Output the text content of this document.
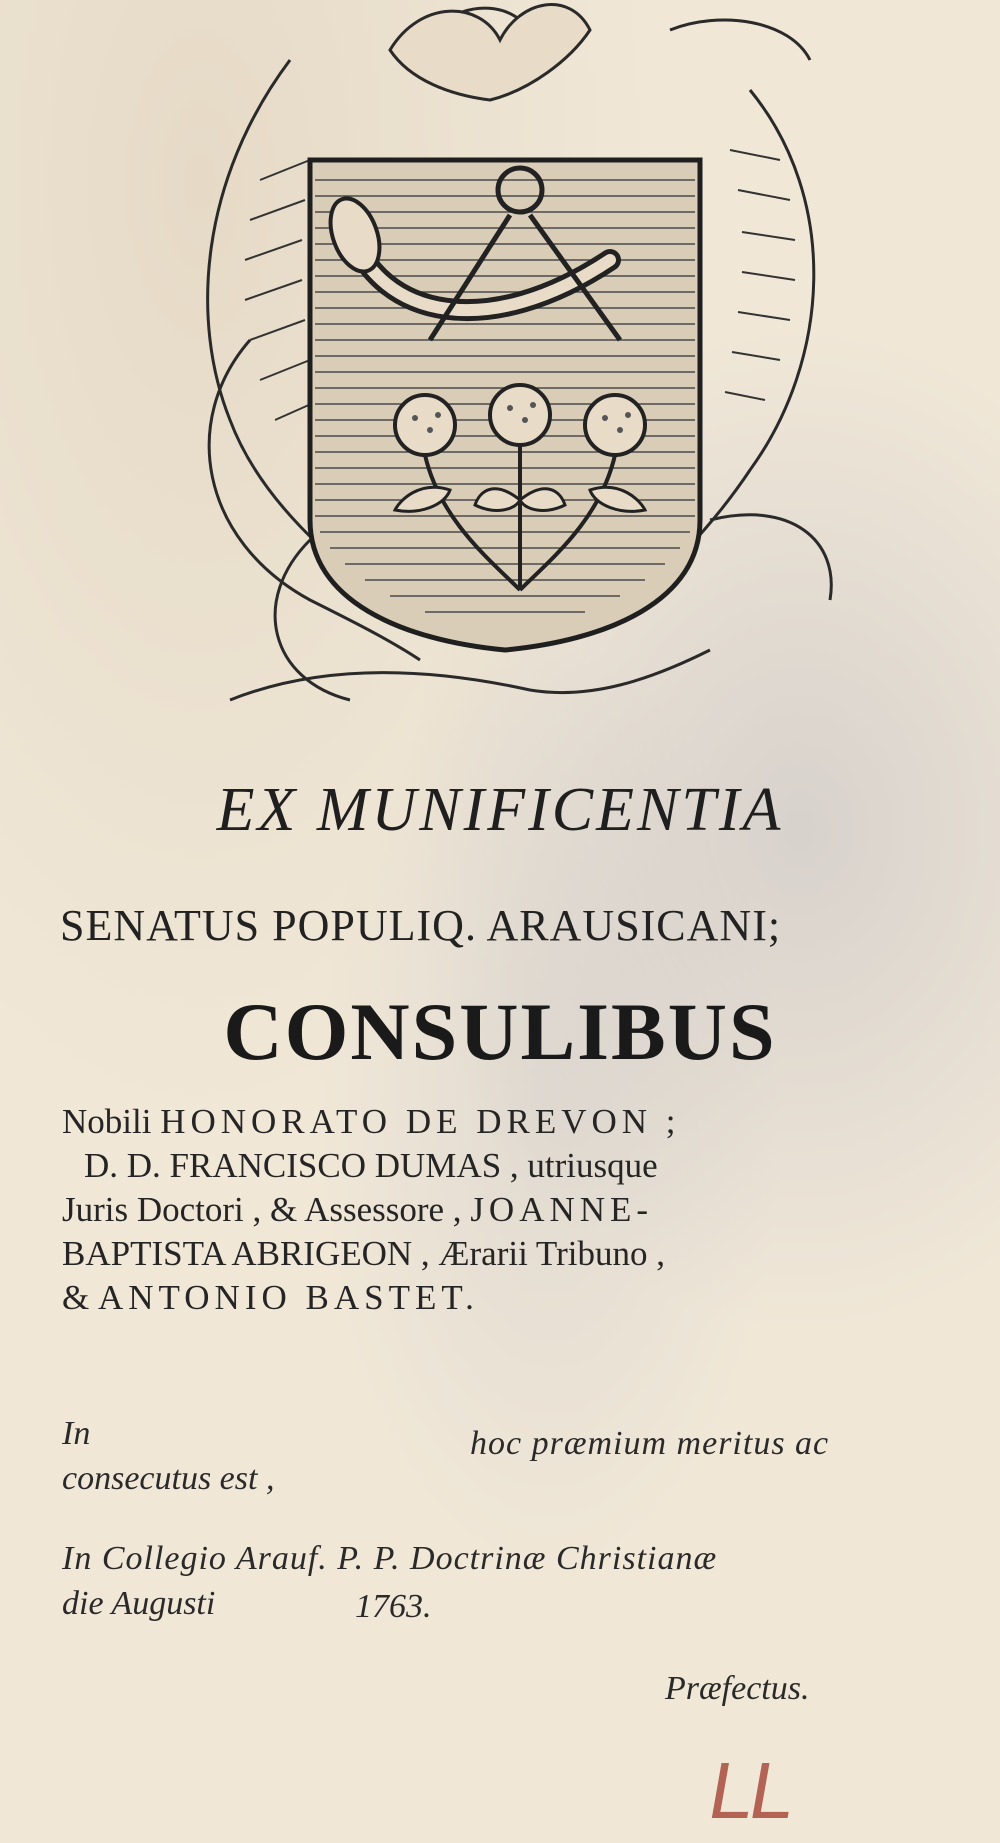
EX MUNIFICENTIA
SENATUS POPULIQ. ARAUSICANI;
CONSULIBUS

Nobili HONORATO DE DREVON ;

D. D. FRANCISCO DUMAS , utriusque

Juris Doctori , & Assessore , JOANNE-

BAPTISTA ABRIGEON , Ærarii Tribuno ,

& ANTONIO BASTET.

In	hoc præmium meritus ac
consecutus est ,
In Collegio Arauf. P. P. Doctrinæ Christianæ
die Augusti	1763.
Præfectus.
LL
